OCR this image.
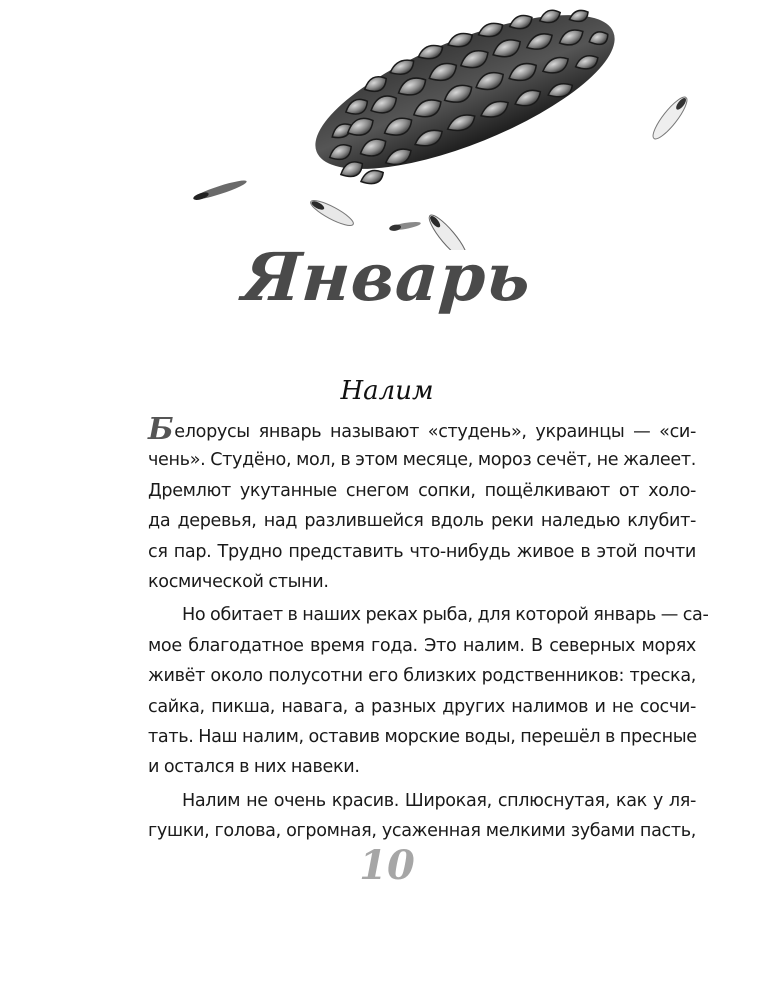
Январь
Налим
Белорусы январь называют «студень», украинцы — «си-
чень». Студёно, мол, в этом месяце, мороз сечёт, не жалеет.
Дремлют укутанные снегом сопки, пощёлкивают от холо-
да деревья, над разлившейся вдоль реки наледью клубит-
ся пар. Трудно представить что-нибудь живое в этой почти
космической стыни.
Но обитает в наших реках рыба, для которой январь — са-
мое благодатное время года. Это налим. В северных морях
живёт около полусотни его близких родственников: треска,
сайка, пикша, навага, а разных других налимов и не сосчи-
тать. Наш налим, оставив морские воды, перешёл в пресные
и остался в них навеки.
Налим не очень красив. Широкая, сплюснутая, как у ля-
гушки, голова, огромная, усаженная мелкими зубами пасть,
10
